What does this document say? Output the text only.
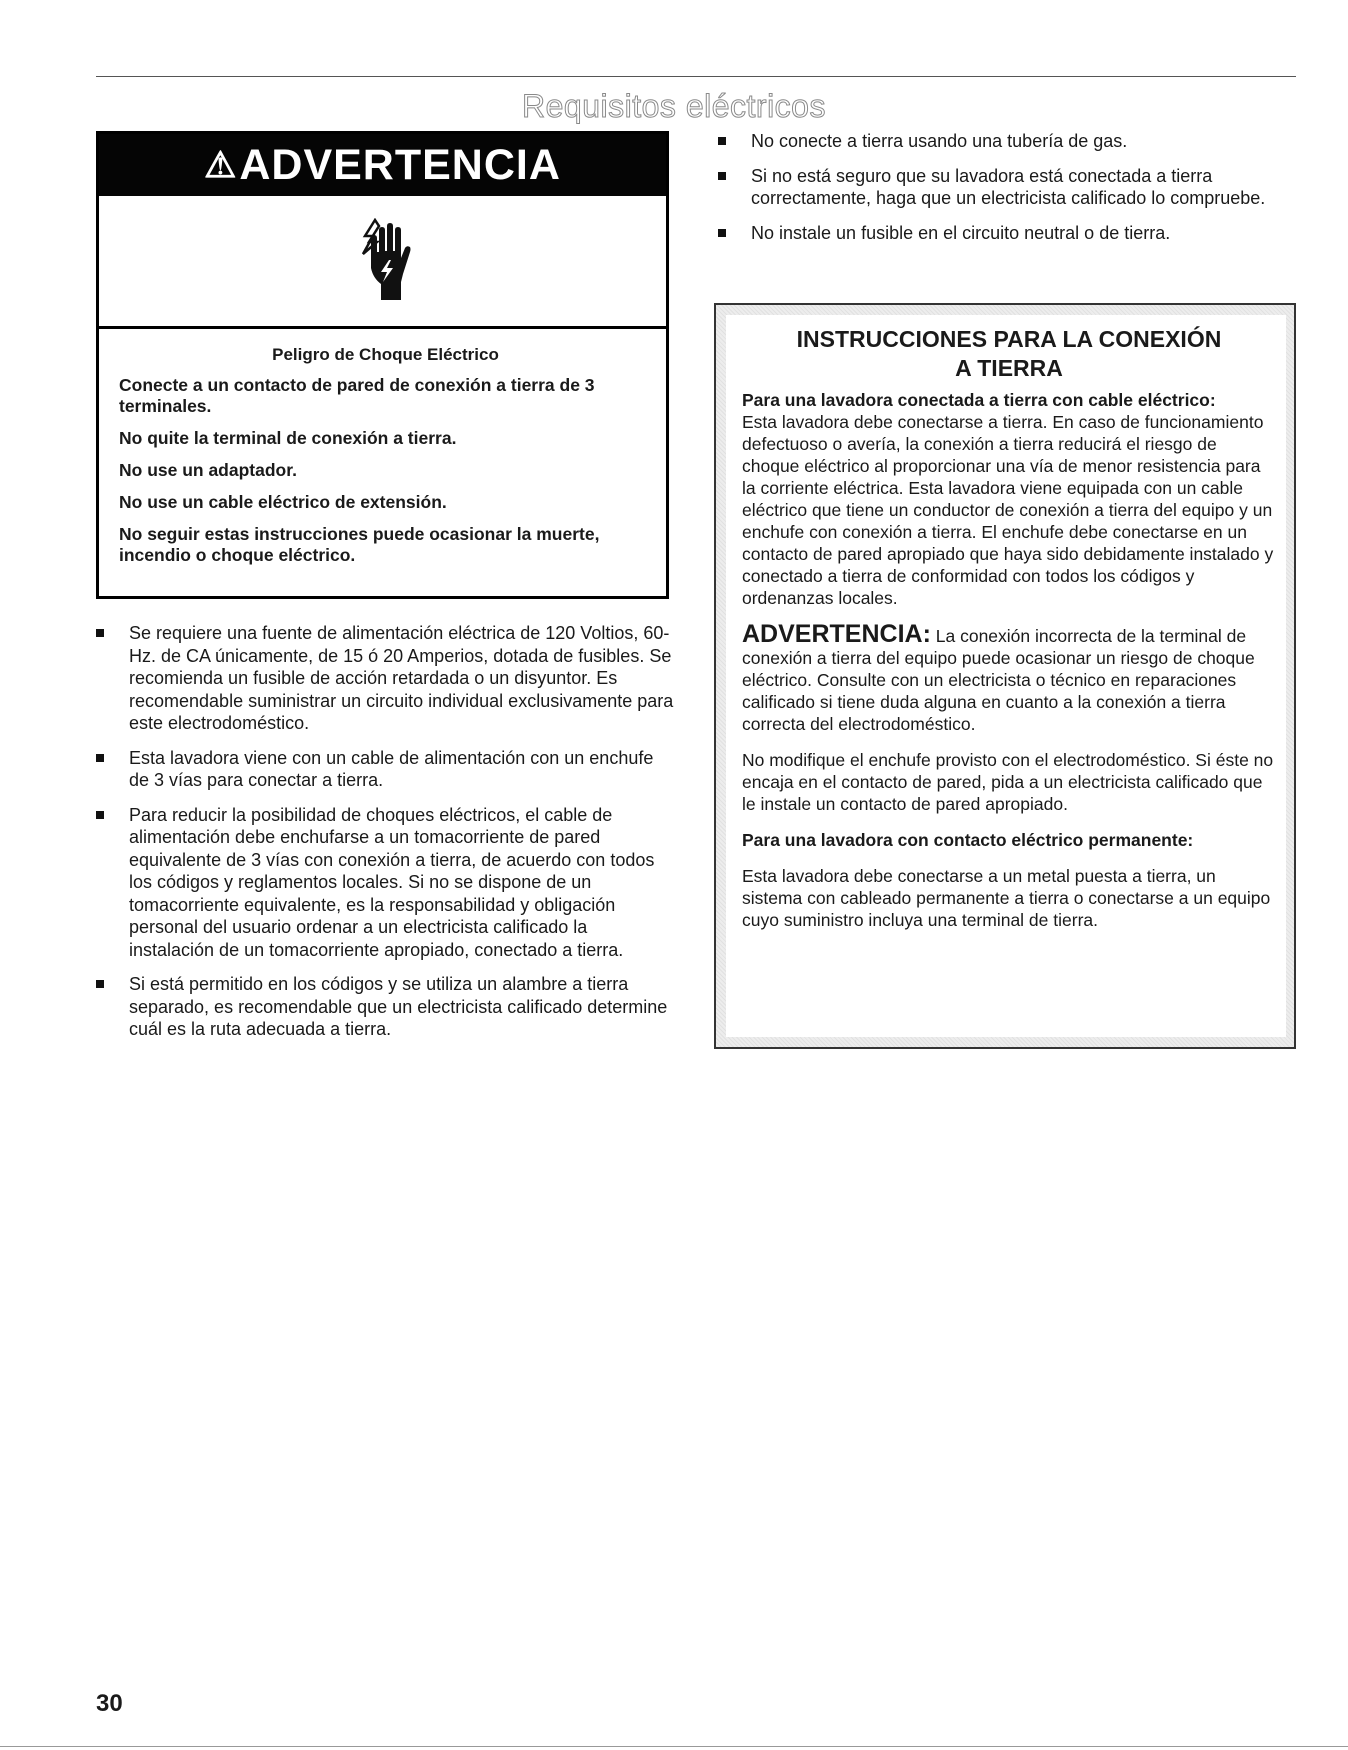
Requisitos eléctricos
⚠ADVERTENCIA
Peligro de Choque Eléctrico

Conecte a un contacto de pared de conexión a tierra de 3 terminales.

No quite la terminal de conexión a tierra.

No use un adaptador.

No use un cable eléctrico de extensión.

No seguir estas instrucciones puede ocasionar la muerte, incendio o choque eléctrico.

Se requiere una fuente de alimentación eléctrica de 120 Voltios, 60-Hz. de CA únicamente, de 15 ó 20 Amperios, dotada de fusibles. Se recomienda un fusible de acción retardada o un disyuntor. Es recomendable suministrar un circuito individual exclusivamente para este electrodoméstico.
Esta lavadora viene con un cable de alimentación con un enchufe de 3 vías para conectar a tierra.
Para reducir la posibilidad de choques eléctricos, el cable de alimentación debe enchufarse a un tomacorriente de pared equivalente de 3 vías con conexión a tierra, de acuerdo con todos los códigos y reglamentos locales. Si no se dispone de un tomacorriente equivalente, es la responsabilidad y obligación personal del usuario ordenar a un electricista calificado la instalación de un tomacorriente apropiado, conectado a tierra.
Si está permitido en los códigos y se utiliza un alambre a tierra separado, es recomendable que un electricista calificado determine cuál es la ruta adecuada a tierra.
No conecte a tierra usando una tubería de gas.
Si no está seguro que su lavadora está conectada a tierra correctamente, haga que un electricista calificado lo compruebe.
No instale un fusible en el circuito neutral o de tierra.
INSTRUCCIONES PARA LA CONEXIÓN
A TIERRA

Para una lavadora conectada a tierra con cable eléctrico:

Esta lavadora debe conectarse a tierra. En caso de funcionamiento defectuoso o avería, la conexión a tierra reducirá el riesgo de choque eléctrico al proporcionar una vía de menor resistencia para la corriente eléctrica. Esta lavadora viene equipada con un cable eléctrico que tiene un conductor de conexión a tierra del equipo y un enchufe con conexión a tierra. El enchufe debe conectarse en un contacto de pared apropiado que haya sido debidamente instalado y conectado a tierra de conformidad con todos los códigos y ordenanzas locales.

ADVERTENCIA: La conexión incorrecta de la terminal de conexión a tierra del equipo puede ocasionar un riesgo de choque eléctrico. Consulte con un electricista o técnico en reparaciones calificado si tiene duda alguna en cuanto a la conexión a tierra correcta del electrodoméstico.

No modifique el enchufe provisto con el electrodoméstico. Si éste no encaja en el contacto de pared, pida a un electricista calificado que le instale un contacto de pared apropiado.

Para una lavadora con contacto eléctrico permanente:

Esta lavadora debe conectarse a un metal puesta a tierra, un sistema con cableado permanente a tierra o conectarse a un equipo cuyo suministro incluya una terminal de tierra.

30
